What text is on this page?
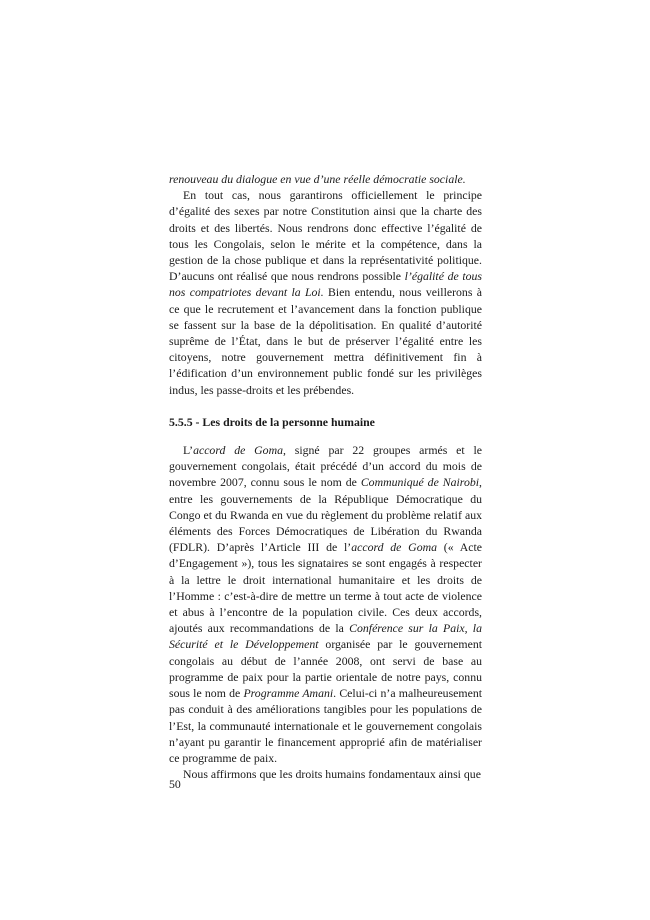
renouveau du dialogue en vue d’une réelle démocratie sociale.

En tout cas, nous garantirons officiellement le principe d’égalité des sexes par notre Constitution ainsi que la charte des droits et des libertés. Nous rendrons donc effective l’égalité de tous les Congolais, selon le mérite et la compétence, dans la gestion de la chose publique et dans la représentativité politique. D’aucuns ont réalisé que nous rendrons possible l’égalité de tous nos compatriotes devant la Loi. Bien entendu, nous veillerons à ce que le recrutement et l’avancement dans la fonction publique se fassent sur la base de la dépolitisation. En qualité d’autorité suprême de l’État, dans le but de préserver l’égalité entre les citoyens, notre gouvernement mettra définitivement fin à l’édification d’un environnement public fondé sur les privilèges indus, les passe-droits et les prébendes.

5.5.5 - Les droits de la personne humaine

L’accord de Goma, signé par 22 groupes armés et le gouvernement congolais, était précédé d’un accord du mois de novembre 2007, connu sous le nom de Communiqué de Nairobi, entre les gouvernements de la République Démocratique du Congo et du Rwanda en vue du règlement du problème relatif aux éléments des Forces Démocratiques de Libération du Rwanda (FDLR). D’après l’Article III de l’accord de Goma (« Acte d’Engagement »), tous les signataires se sont engagés à respecter à la lettre le droit international humanitaire et les droits de l’Homme : c’est-à-dire de mettre un terme à tout acte de violence et abus à l’encontre de la population civile. Ces deux accords, ajoutés aux recommandations de la Conférence sur la Paix, la Sécurité et le Développement organisée par le gouvernement congolais au début de l’année 2008, ont servi de base au programme de paix pour la partie orientale de notre pays, connu sous le nom de Programme Amani. Celui-ci n’a malheureusement pas conduit à des améliorations tangibles pour les populations de l’Est, la communauté internationale et le gouvernement congolais n’ayant pu garantir le financement approprié afin de matérialiser ce programme de paix.

Nous affirmons que les droits humains fondamentaux ainsi que

50
